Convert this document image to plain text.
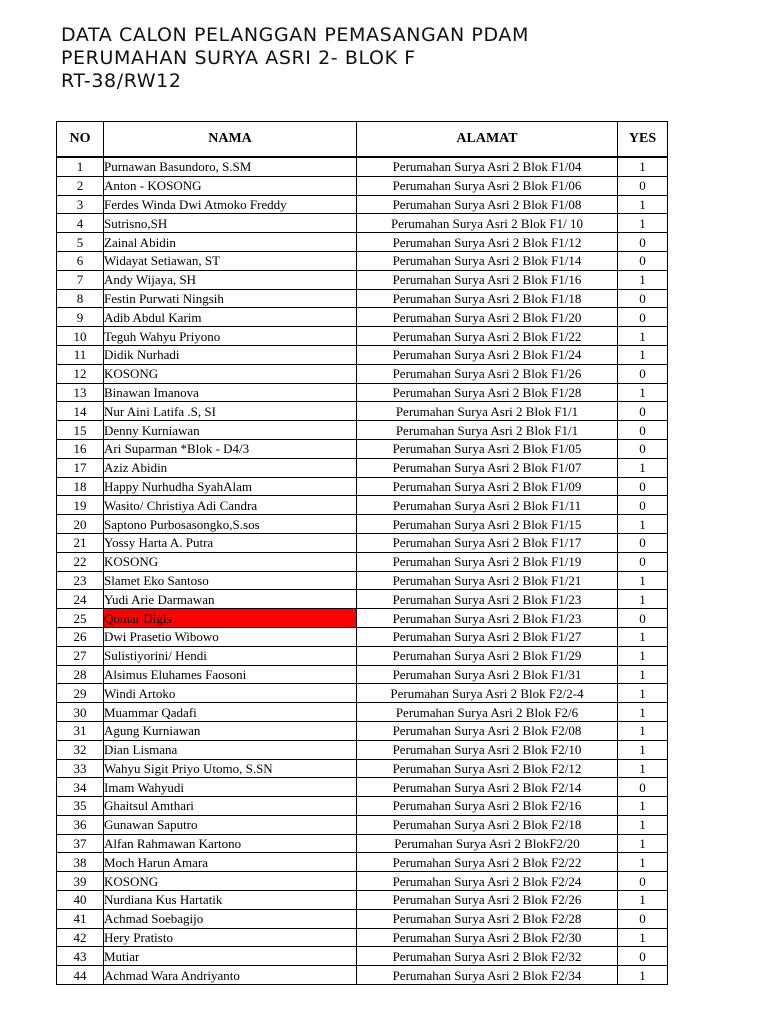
DATA CALON PELANGGAN PEMASANGAN PDAM
PERUMAHAN SURYA ASRI 2- BLOK F
RT-38/RW12
NO	NAMA	ALAMAT	YES
1	Purnawan Basundoro, S.SM	Perumahan Surya Asri 2 Blok F1/04	1
2	Anton - KOSONG	Perumahan Surya Asri 2 Blok F1/06	0
3	Ferdes Winda Dwi Atmoko Freddy	Perumahan Surya Asri 2 Blok F1/08	1
4	Sutrisno,SH	Perumahan Surya Asri 2 Blok F1/ 10	1
5	Zainal Abidin	Perumahan Surya Asri 2 Blok F1/12	0
6	Widayat Setiawan, ST	Perumahan Surya Asri 2 Blok F1/14	0
7	Andy Wijaya, SH	Perumahan Surya Asri 2 Blok F1/16	1
8	Festin Purwati Ningsih	Perumahan Surya Asri 2 Blok F1/18	0
9	Adib Abdul Karim	Perumahan Surya Asri 2 Blok F1/20	0
10	Teguh Wahyu Priyono	Perumahan Surya Asri 2 Blok F1/22	1
11	Didik Nurhadi	Perumahan Surya Asri 2 Blok F1/24	1
12	KOSONG	Perumahan Surya Asri 2 Blok F1/26	0
13	Binawan Imanova	Perumahan Surya Asri 2 Blok F1/28	1
14	Nur Aini Latifa .S, SI	Perumahan Surya Asri 2 Blok F1/1	0
15	Denny Kurniawan	Perumahan Surya Asri 2 Blok F1/1	0
16	Ari Suparman *Blok - D4/3	Perumahan Surya Asri 2 Blok F1/05	0
17	Aziz Abidin	Perumahan Surya Asri 2 Blok F1/07	1
18	Happy Nurhudha SyahAlam	Perumahan Surya Asri 2 Blok F1/09	0
19	Wasito/ Christiya Adi Candra	Perumahan Surya Asri 2 Blok F1/11	0
20	Saptono Purbosasongko,S.sos	Perumahan Surya Asri 2 Blok F1/15	1
21	Yossy Harta A. Putra	Perumahan Surya Asri 2 Blok F1/17	0
22	KOSONG	Perumahan Surya Asri 2 Blok F1/19	0
23	Slamet Eko Santoso	Perumahan Surya Asri 2 Blok F1/21	1
24	Yudi Arie Darmawan	Perumahan Surya Asri 2 Blok F1/23	1
25	Qomar Digis	Perumahan Surya Asri 2 Blok F1/23	0
26	Dwi Prasetio Wibowo	Perumahan Surya Asri 2 Blok F1/27	1
27	Sulistiyorini/ Hendi	Perumahan Surya Asri 2 Blok F1/29	1
28	Alsimus Eluhames Faosoni	Perumahan Surya Asri 2 Blok F1/31	1
29	Windi Artoko	Perumahan Surya Asri 2 Blok F2/2-4	1
30	Muammar Qadafi	Perumahan Surya Asri 2 Blok F2/6	1
31	Agung Kurniawan	Perumahan Surya Asri 2 Blok F2/08	1
32	Dian Lismana	Perumahan Surya Asri 2 Blok F2/10	1
33	Wahyu Sigit Priyo Utomo, S.SN	Perumahan Surya Asri 2 Blok F2/12	1
34	Imam Wahyudi	Perumahan Surya Asri 2 Blok F2/14	0
35	Ghaitsul Amthari	Perumahan Surya Asri 2 Blok F2/16	1
36	Gunawan Saputro	Perumahan Surya Asri 2 Blok F2/18	1
37	Alfan Rahmawan Kartono	Perumahan Surya Asri 2 BlokF2/20	1
38	Moch Harun Amara	Perumahan Surya Asri 2 Blok F2/22	1
39	KOSONG	Perumahan Surya Asri 2 Blok F2/24	0
40	Nurdiana Kus Hartatik	Perumahan Surya Asri 2 Blok F2/26	1
41	Achmad Soebagijo	Perumahan Surya Asri 2 Blok F2/28	0
42	Hery Pratisto	Perumahan Surya Asri 2 Blok F2/30	1
43	Mutiar	Perumahan Surya Asri 2 Blok F2/32	0
44	Achmad Wara Andriyanto	Perumahan Surya Asri 2 Blok F2/34	1
